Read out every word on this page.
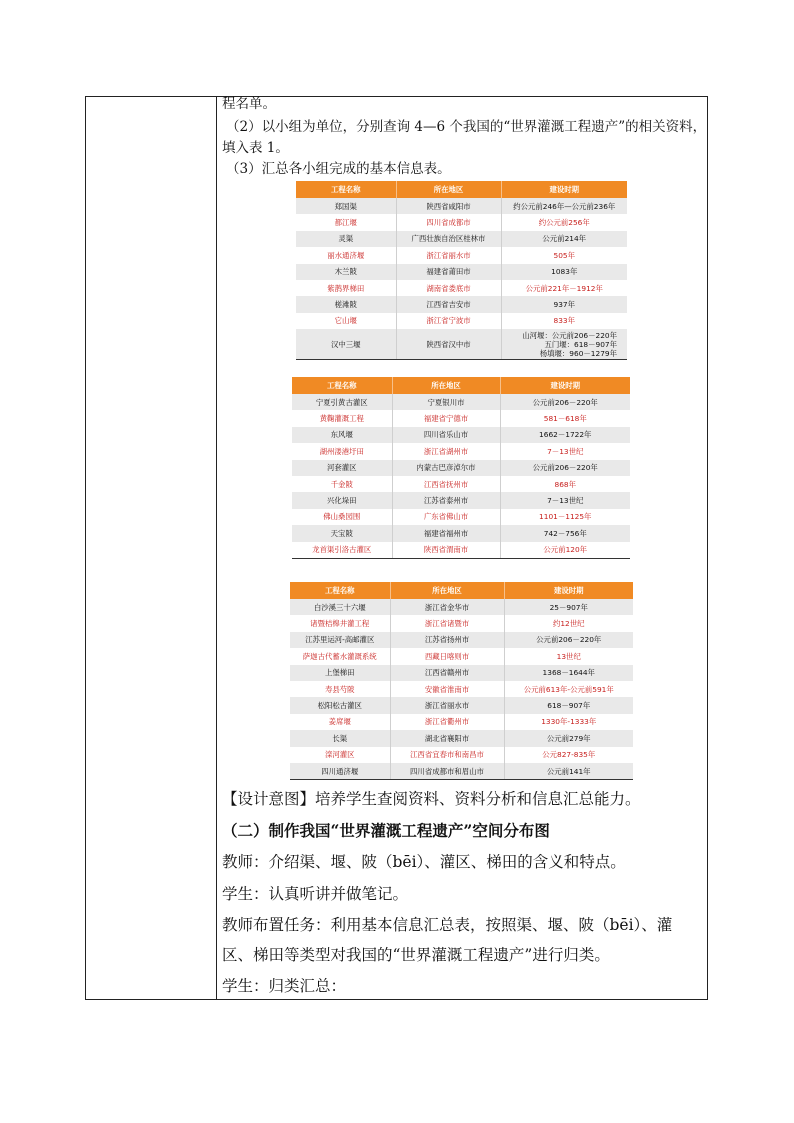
程名单。
（2）以小组为单位，分别查询 4—6 个我国的“世界灌溉工程遗产”的相关资料，
填入表 1。
（3）汇总各小组完成的基本信息表。
工程名称	所在地区	建设时期
郑国渠	陕西省咸阳市	约公元前246年—公元前236年
都江堰	四川省成都市	约公元前256年
灵渠	广西壮族自治区桂林市	公元前214年
丽水通济堰	浙江省丽水市	505年
木兰陂	福建省莆田市	1083年
紫鹊界梯田	湖南省娄底市	公元前221年－1912年
槎滩陂	江西省吉安市	937年
它山堰	浙江省宁波市	833年
汉中三堰	陕西省汉中市	山河堰：公元前206－220年
五门堰：618－907年
杨填堰：960－1279年
工程名称	所在地区	建设时期
宁夏引黄古灌区	宁夏银川市	公元前206－220年
黄鞠灌溉工程	福建省宁德市	581－618年
东风堰	四川省乐山市	1662－1722年
湖州溇港圩田	浙江省湖州市	7－13世纪
河套灌区	内蒙古巴彦淖尔市	公元前206－220年
千金陂	江西省抚州市	868年
兴化垛田	江苏省泰州市	7－13世纪
佛山桑园围	广东省佛山市	1101－1125年
天宝陂	福建省福州市	742－756年
龙首渠引洛古灌区	陕西省渭南市	公元前120年
工程名称	所在地区	建设时期
白沙溪三十六堰	浙江省金华市	25－907年
诸暨桔槔井灌工程	浙江省诸暨市	约12世纪
江苏里运河-高邮灌区	江苏省扬州市	公元前206－220年
萨迦古代蓄水灌溉系统	西藏日喀则市	13世纪
上堡梯田	江西省赣州市	1368－1644年
寿县芍陂	安徽省淮南市	公元前613年-公元前591年
松阳松古灌区	浙江省丽水市	618－907年
姜席堰	浙江省衢州市	1330年-1333年
长渠	湖北省襄阳市	公元前279年
滦河灌区	江西省宜春市和南昌市	公元827-835年
四川通济堰	四川省成都市和眉山市	公元前141年
【设计意图】培养学生查阅资料、资料分析和信息汇总能力。
（二）制作我国“世界灌溉工程遗产”空间分布图
教师：介绍渠、堰、陂（bēi）、灌区、梯田的含义和特点。
学生：认真听讲并做笔记。
教师布置任务：利用基本信息汇总表，按照渠、堰、陂（bēi）、灌
区、梯田等类型对我国的“世界灌溉工程遗产”进行归类。
学生：归类汇总：
